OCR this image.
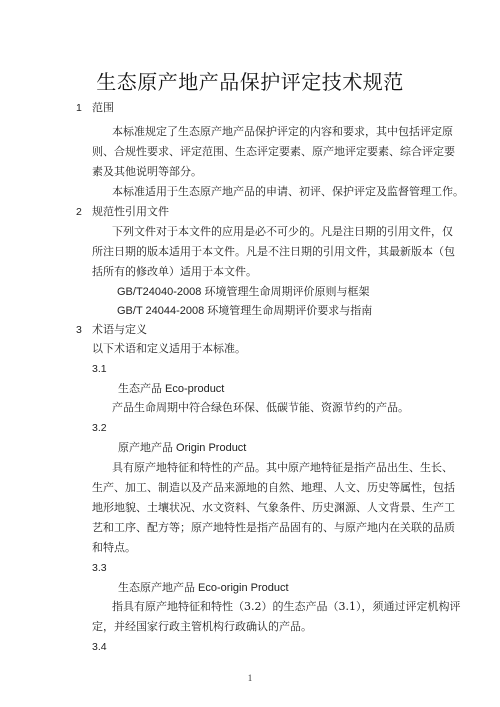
生态原产地产品保护评定技术规范
1 范围
本标准规定了生态原产地产品保护评定的内容和要求，其中包括评定原
则、合规性要求、评定范围、生态评定要素、原产地评定要素、综合评定要
素及其他说明等部分。
本标准适用于生态原产地产品的申请、初评、保护评定及监督管理工作。
2 规范性引用文件
下列文件对于本文件的应用是必不可少的。凡是注日期的引用文件，仅
所注日期的版本适用于本文件。凡是不注日期的引用文件，其最新版本（包
括所有的修改单）适用于本文件。
GB/T24040-2008 环境管理生命周期评价原则与框架
GB/T 24044-2008 环境管理生命周期评价要求与指南
3 术语与定义
以下术语和定义适用于本标准。
3.1
生态产品 Eco-product
产品生命周期中符合绿色环保、低碳节能、资源节约的产品。
3.2
原产地产品 Origin Product
具有原产地特征和特性的产品。其中原产地特征是指产品出生、生长、
生产、加工、制造以及产品来源地的自然、地理、人文、历史等属性，包括
地形地貌、土壤状况、水文资料、气象条件、历史渊源、人文背景、生产工
艺和工序、配方等；原产地特性是指产品固有的、与原产地内在关联的品质
和特点。
3.3
生态原产地产品 Eco-origin Product
指具有原产地特征和特性（3.2）的生态产品（3.1），须通过评定机构评
定，并经国家行政主管机构行政确认的产品。
3.4
1
